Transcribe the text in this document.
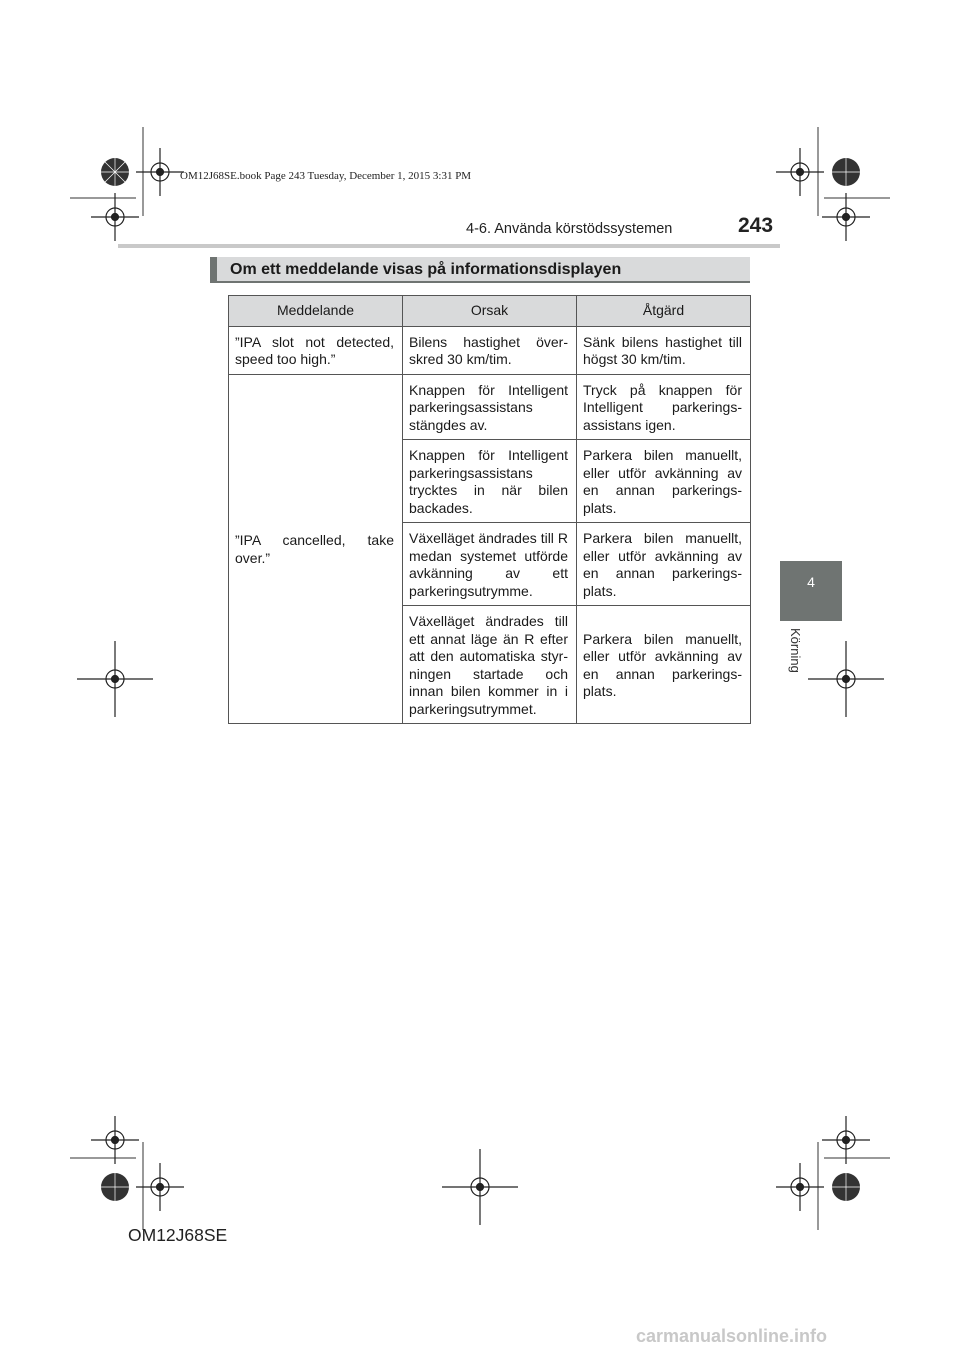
OM12J68SE.book Page 243 Tuesday, December 1, 2015 3:31 PM
4-6. Använda körstödssystemen	243
4
Körning
Om ett meddelande visas på informationsdisplayen
Meddelande	Orsak	Åtgärd
”IPA slot not detected, speed too high.”	Bilens hastighet över-skred 30 km/tim.	Sänk bilens hastighet till högst 30 km/tim.
”IPA cancelled, take over.”	Knappen för Intelligent parkeringsassistans stängdes av.	Tryck på knappen för Intelligent parkerings-assistans igen.
	Knappen för Intelligent parkeringsassistans trycktes in när bilen backades.	Parkera bilen manuellt, eller utför avkänning av en annan parkerings-plats.
	Växelläget ändrades till R medan systemet utförde avkänning av ett parkeringsutrymme.	Parkera bilen manuellt, eller utför avkänning av en annan parkerings-plats.
	Växelläget ändrades till ett annat läge än R efter att den automatiska styr-ningen startade och innan bilen kommer in i parkeringsutrymmet.	Parkera bilen manuellt, eller utför avkänning av en annan parkerings-plats.
OM12J68SE
carmanualsonline.info
